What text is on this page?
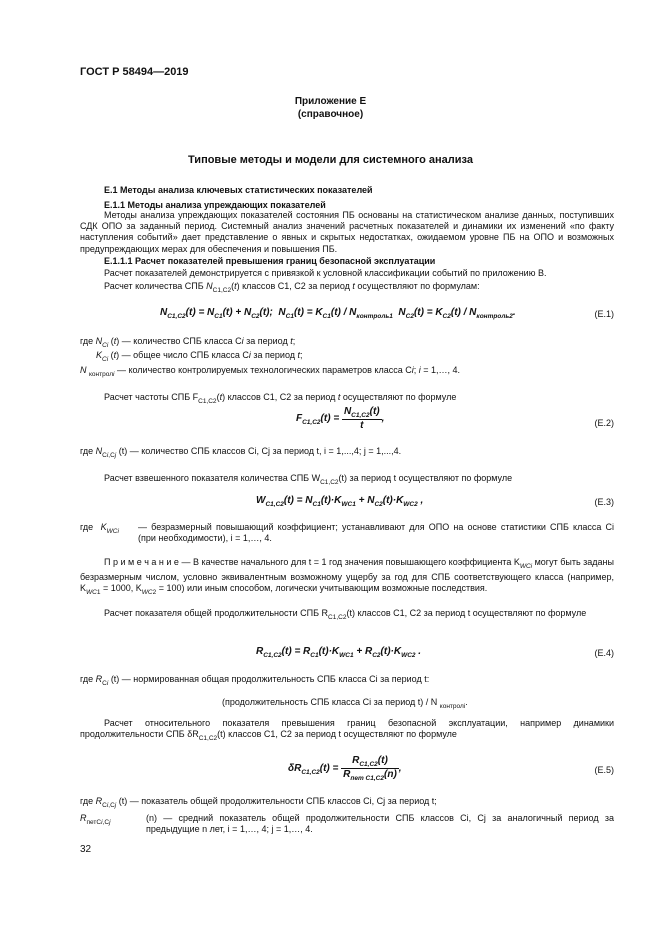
ГОСТ Р 58494—2019
Приложение Е
(справочное)
Типовые методы и модели для системного анализа
Е.1 Методы анализа ключевых статистических показателей
Е.1.1 Методы анализа упреждающих показателей
Методы анализа упреждающих показателей состояния ПБ основаны на статистическом анализе данных, поступивших СДК ОПО за заданный период. Системный анализ значений расчетных показателей и динамики их изменений «по факту наступления событий» дает представление о явных и скрытых недостатках, ожидаемом уровне ПБ на ОПО и возможных предупреждающих мерах для обеспечения и повышения ПБ.
Е.1.1.1 Расчет показателей превышения границ безопасной эксплуатации
Расчет показателей демонстрируется с привязкой к условной классификации событий по приложению В.
Расчет количества СПБ $N_{С1,С2}(t)$ классов С1, С2 за период t осуществляют по формулам:
$N_{C1,C2}(t) = N_{C1}(t) + N_{C2}(t)$;  $N_{C1}(t) = K_{C1}(t) / N_{контроль1}$  $N_{C2}(t) = K_{C2}(t) / N_{контроль2}$.	(Е.1)
где $N_{Ci}$ (t) — количество СПБ класса Сi за период t;
$K_{Ci}$ (t) — общее число СПБ класса Сi за период t;
N $_{контролi}$ — количество контролируемых технологических параметров класса Сi; i = 1,…, 4.
Расчет частоты СПБ $F_{С1,С2}(t)$ классов С1, С2 за период t осуществляют по формуле
$F_{C1,C2}(t) = \frac{N_{C1,C2}(t)}{t}$ ,	(Е.2)
где $N_{Ci,Cj}$ (t) — количество СПБ классов Сi, Сj за период t, i = 1,...,4; j = 1,...,4.
Расчет взвешенного показателя количества СПБ $W_{С1,С2}(t)$ за период t осуществляют по формуле
$W_{C1,C2}(t) = N_{C1}(t)\cdot K_{WC1} + N_{C2}(t)\cdot K_{WC2}$ ,	(Е.3)
где   $K_{WCi}$ — безразмерный повышающий коэффициент; устанавливают для ОПО на основе статистики СПБ класса Сi (при необходимости), i = 1,…, 4.
П р и м е ч а н и е — В качестве начального для t = 1 год значения повышающего коэффициента $K_{WCi}$ могут быть заданы безразмерным числом, условно эквивалентным возможному ущербу за год для СПБ соответствующего класса (например, $K_{WC1} = 1000$, $K_{WC2} = 100$) или иным способом, логически учитывающим возможные последствия.
Расчет показателя общей продолжительности СПБ $R_{С1,С2}(t)$ классов С1, С2 за период t осуществляют по формуле
$R_{C1,C2}(t) = R_{C1}(t)\cdot K_{WC1} + R_{C2}(t)\cdot K_{WC2}$ .	(Е.4)
где $R_{Ci}$ (t) — нормированная общая продолжительность СПБ класса Сi за период t:
(продолжительность СПБ класса Сi за период t) / N $_{контролi}$.
Расчет относительного показателя превышения границ безопасной эксплуатации, например динамики продолжительности СПБ $\delta R_{С1,С2}(t)$ классов С1, С2 за период t осуществляют по формуле
$\delta R_{C1,C2}(t) = \frac{R_{C1,C2}(t)}{R_{пет C1,C2}(n)}$ ,	(Е.5)
где $R_{Ci,Cj}$ (t) — показатель общей продолжительности СПБ классов Сi, Сj за период t;
$R_{петCi,Cj}$	(n) — средний показатель общей продолжительности СПБ классов Сi, Сj за аналогичный период за предыдущие n лет, i = 1,…, 4; j = 1,…, 4.
32
